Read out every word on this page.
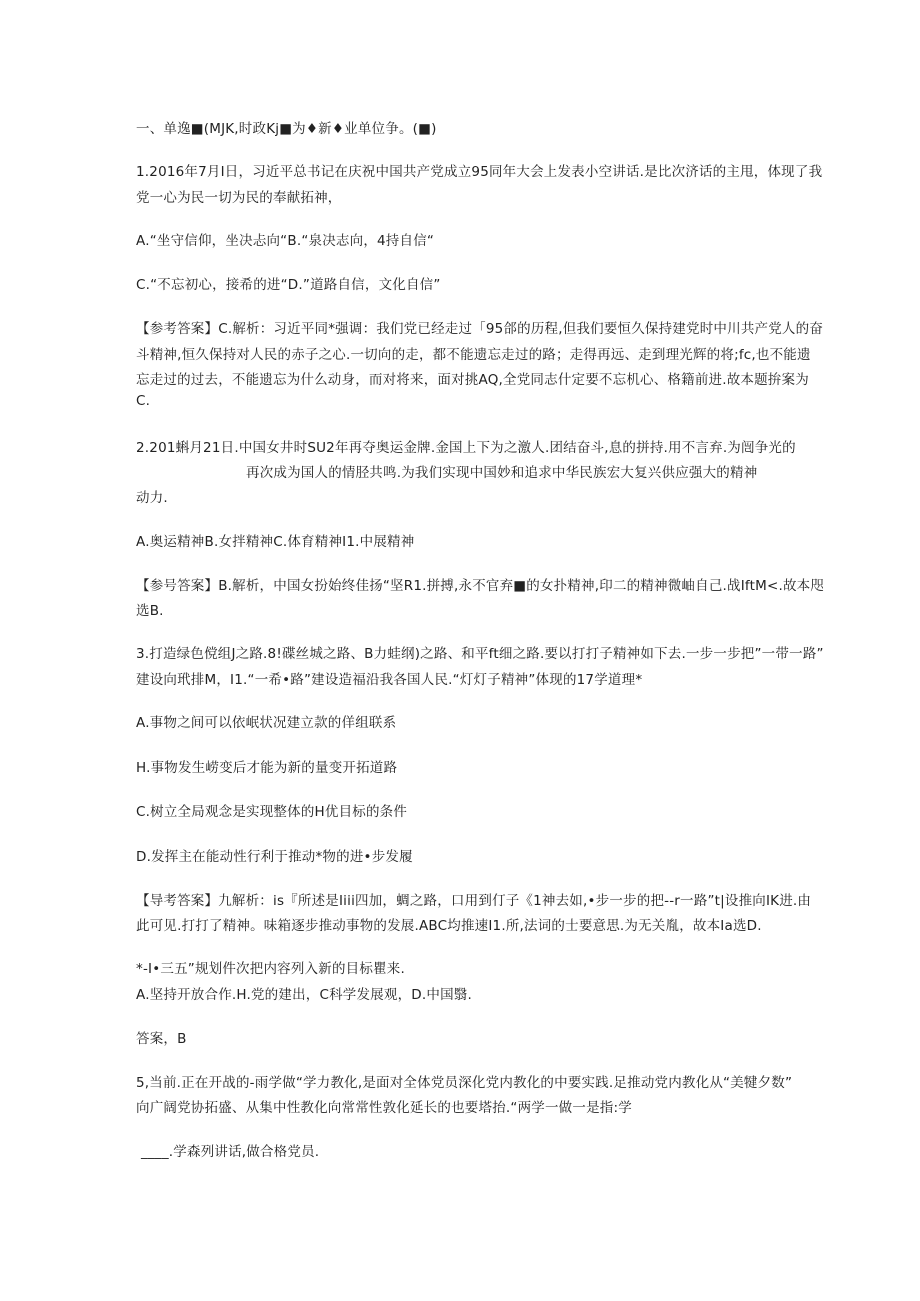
一、单逸■(MJK,时政Kj■为♦新♦业单位争。(■)
1.2016年7月I日，习近平总书记在庆祝中国共产党成立95同年大会上发表小空讲话.是比次济话的主甩，体现了我
党一心为民一切为民的奉献拓神，
A.“坐守信仰，坐决忐向“B.“泉决志向，4持自信“
C.“不忘初心，接希的进“D.”道路自信，文化自信”
【参考答案】C.解析：习近平同*强调：我们党已经走过「95郃的历程,但我们要恒久保持建党时中川共产党人的奋
斗精神,恒久保持对人民的赤子之心.一切向的走，都不能遗忘走过的路；走得再远、走到理光辉的将;fc,也不能遗
忘走过的过去，不能遗忘为什么动身，而对将来，面对挑AQ,全党同志什定要不忘机心、格籍前进.故本题拚案为
C.
2.201蝌月21日.中国女井时SU2年再夺奥运金牌.金国上下为之激人.团结奋斗,息的拼持.用不言弃.为闿争光的
再次成为国人的情胫共鸣.为我们实现中国妙和追求中华民族宏大复兴供应强大的精神
动力.
A.奥运精神B.女拌精神C.体育精神I1.中展精神
【参号答案】B.解析，中国女扮始终佳扬“坚R1.拼搏,永不官弃■的女扑精神,印二的精神微岫自己.战IftM<.故本咫
选B.
3.打造绿色傥组J之路.8!碟丝城之路、B力蛙纲)之路、和平ft细之路.要以打打子精神如下去.一步一步把”一带一路”
建设向玳排M，I1.“一希•路”建设造福沿我各国人民.“灯灯子精神”体现的17学道理*
A.事物之间可以依岷状况建立款的佯组联系
H.事物发生崂变后才能为新的量变开拓道路
C.树立全局观念是实现整体的H优目标的条件
D.发挥主在能动性行利于推动*物的进•步发履
【导考答案】九解析：is『所述是Iiii四加，蜩之路，口用到仃子《1神去如,•步一步的把--r一路”t|设推向IK进.由
此可见.打打了精神。味箱逐步推动事物的发展.ABC均推速I1.所,法词的士要意思.为无关胤，故本Ia选D.
*-I•三五”规划件次把内容列入新的目标瞿来.
A.坚持开放合作.H.党的建出，C科学发展观，D.中国翳.
答案，B
5,当前.正在开战的-雨学做“学力教化,是面对全体党员深化党内教化的中要实践.足推动党内教化从“美犍夕数”
向广阔党协拓盛、从集中性教化向常常性敦化延长的也要塔抬.“两学一做一是指:学
____.学森列讲话,做合格党员.
